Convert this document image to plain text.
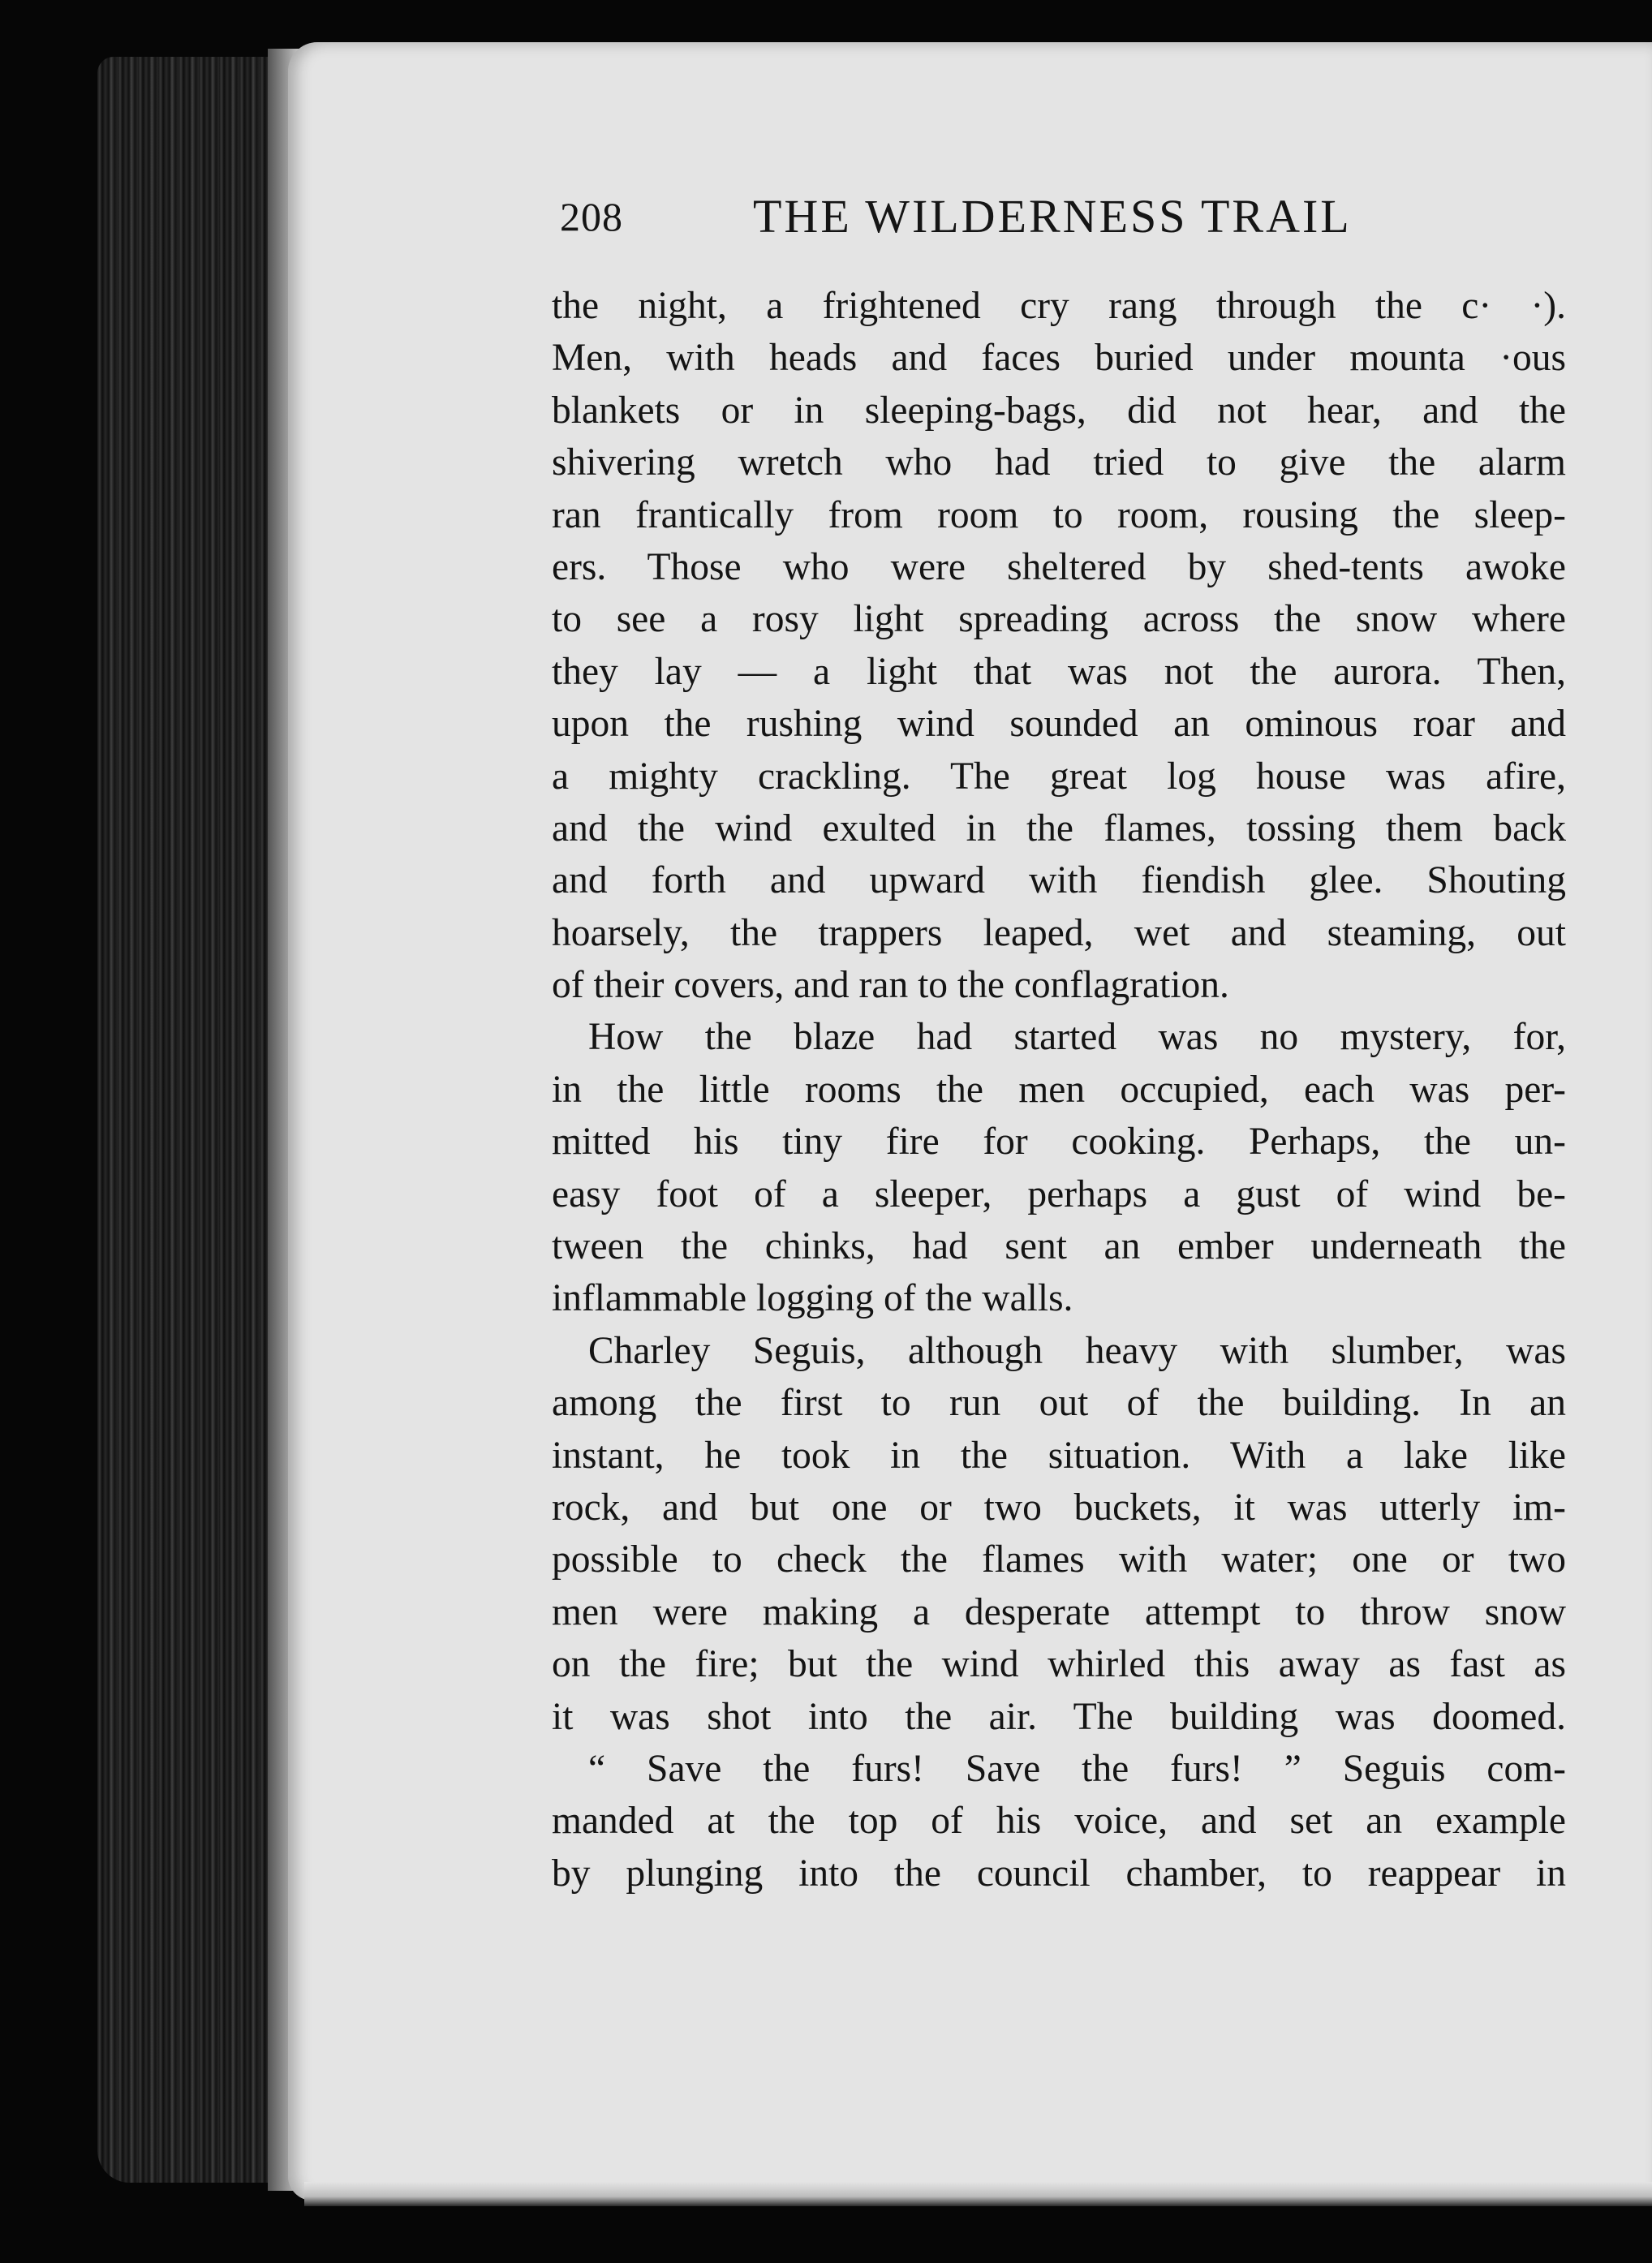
208	THE WILDERNESS TRAIL
the night, a frightened cry rang through the c· ·).
Men, with heads and faces buried under mounta ·ous
blankets or in sleeping-bags, did not hear, and the
shivering wretch who had tried to give the alarm
ran frantically from room to room, rousing the sleep-
ers. Those who were sheltered by shed-tents awoke
to see a rosy light spreading across the snow where
they lay — a light that was not the aurora. Then,
upon the rushing wind sounded an ominous roar and
a mighty crackling. The great log house was afire,
and the wind exulted in the flames, tossing them back
and forth and upward with fiendish glee. Shouting
hoarsely, the trappers leaped, wet and steaming, out
of their covers, and ran to the conflagration.
How the blaze had started was no mystery, for,
in the little rooms the men occupied, each was per-
mitted his tiny fire for cooking. Perhaps, the un-
easy foot of a sleeper, perhaps a gust of wind be-
tween the chinks, had sent an ember underneath the
inflammable logging of the walls.
Charley Seguis, although heavy with slumber, was
among the first to run out of the building. In an
instant, he took in the situation. With a lake like
rock, and but one or two buckets, it was utterly im-
possible to check the flames with water; one or two
men were making a desperate attempt to throw snow
on the fire; but the wind whirled this away as fast as
it was shot into the air. The building was doomed.
“ Save the furs! Save the furs! ” Seguis com-
manded at the top of his voice, and set an example
by plunging into the council chamber, to reappear in
